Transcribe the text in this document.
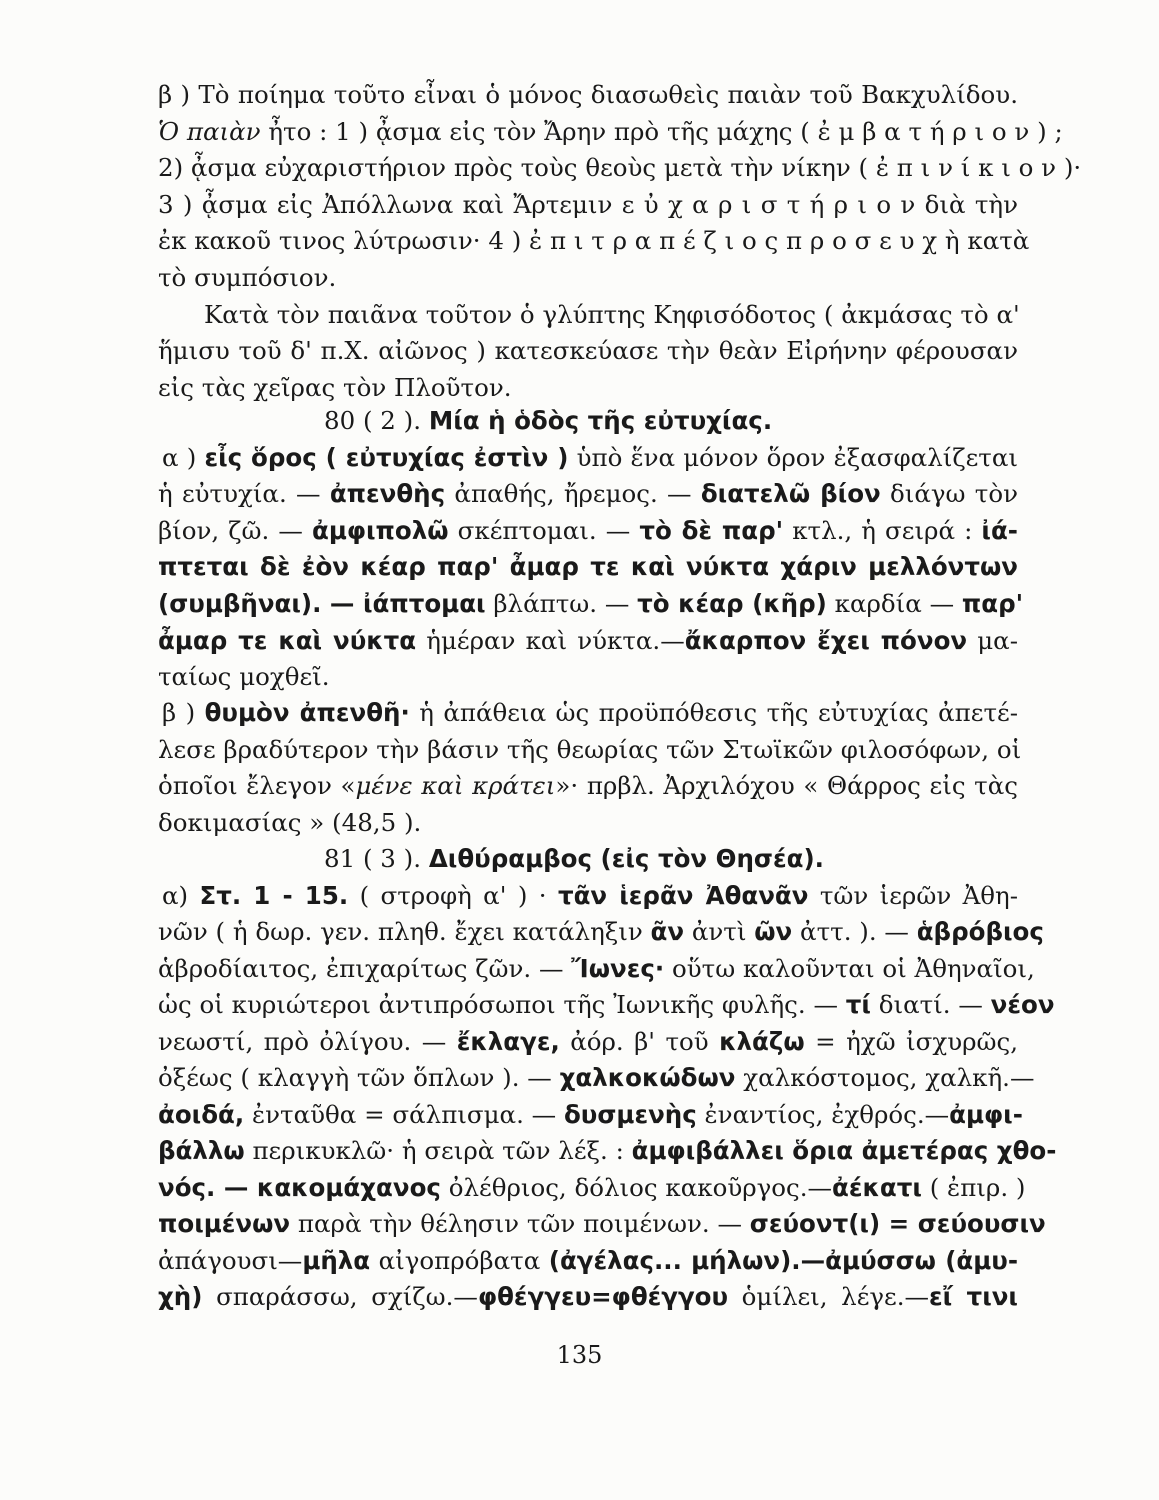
β ) Τὸ ποίημα τοῦτο εἶναι ὁ μόνος διασωθεὶς παιὰν τοῦ Βακχυλίδου.
Ὁ παιὰν ἦτο : 1 ) ᾆσμα εἰς τὸν Ἄρην πρὸ τῆς μάχης ( ἐ μ β α τ ή ρ ι ο ν ) ;
2) ᾆσμα εὐχαριστήριον πρὸς τοὺς θεοὺς μετὰ τὴν νίκην ( ἐ π ι ν ί κ ι ο ν )·
3 ) ᾆσμα εἰς Ἀπόλλωνα καὶ Ἄρτεμιν ε ὐ χ α ρ ι σ τ ή ρ ι ο ν διὰ τὴν
ἐκ κακοῦ τινος λύτρωσιν· 4 ) ἐ π ι τ ρ α π έ ζ ι ο ς π ρ ο σ ε υ χ ὴ κατὰ
τὸ συμπόσιον.
Κατὰ τὸν παιᾶνα τοῦτον ὁ γλύπτης Κηφισόδοτος ( ἀκμάσας τὸ α'
ἥμισυ τοῦ δ' π.Χ. αἰῶνος ) κατεσκεύασε τὴν θεὰν Εἰρήνην φέρουσαν
εἰς τὰς χεῖρας τὸν Πλοῦτον.
80 ( 2 ). Μία ἡ ὁδὸς τῆς εὐτυχίας.
α ) εἶς ὅρος ( εὐτυχίας ἐστὶν ) ὑπὸ ἕνα μόνον ὅρον ἐξασφαλίζεται
ἡ εὐτυχία. — ἀπενθὴς ἀπαθής, ἤρεμος. — διατελῶ βίον διάγω τὸν
βίον, ζῶ. — ἀμφιπολῶ σκέπτομαι. — τὸ δὲ παρ' κτλ., ἡ σειρά : ἰά-
πτεται δὲ ἐὸν κέαρ παρ' ἆμαρ τε καὶ νύκτα χάριν μελλόντων
(συμβῆναι). — ἰάπτομαι βλάπτω. — τὸ κέαρ (κῆρ) καρδία — παρ'
ἆμαρ τε καὶ νύκτα ἡμέραν καὶ νύκτα.—ἄκαρπον ἔχει πόνον μα-
ταίως μοχθεῖ.
β ) θυμὸν ἀπενθῆ· ἡ ἀπάθεια ὡς προϋπόθεσις τῆς εὐτυχίας ἀπετέ-
λεσε βραδύτερον τὴν βάσιν τῆς θεωρίας τῶν Στωϊκῶν φιλοσόφων, οἱ
ὁποῖοι ἔλεγον «μένε καὶ κράτει»· πρβλ. Ἀρχιλόχου « Θάρρος εἰς τὰς
δοκιμασίας » (48,5 ).
81 ( 3 ). Διθύραμβος (εἰς τὸν Θησέα).
α) Στ. 1 - 15. ( στροφὴ α' ) · τᾶν ἱερᾶν Ἀθανᾶν τῶν ἱερῶν Ἀθη-
νῶν ( ἡ δωρ. γεν. πληθ. ἔχει κατάληξιν ᾶν ἀντὶ ῶν ἀττ. ). — ἁβρόβιος
ἁβροδίαιτος, ἐπιχαρίτως ζῶν. — Ἴωνες· οὕτω καλοῦνται οἱ Ἀθηναῖοι,
ὡς οἱ κυριώτεροι ἀντιπρόσωποι τῆς Ἰωνικῆς φυλῆς. — τί διατί. — νέον
νεωστί, πρὸ ὀλίγου. — ἔκλαγε, ἀόρ. β' τοῦ κλάζω = ἠχῶ ἰσχυρῶς,
ὀξέως ( κλαγγὴ τῶν ὅπλων ). — χαλκοκώδων χαλκόστομος, χαλκῆ.—
ἀοιδά, ἐνταῦθα = σάλπισμα. — δυσμενὴς ἐναντίος, ἐχθρός.—ἀμφι-
βάλλω περικυκλῶ· ἡ σειρὰ τῶν λέξ. : ἀμφιβάλλει ὅρια ἀμετέρας χθο-
νός. — κακομάχανος ὀλέθριος, δόλιος κακοῦργος.—ἀέκατι ( ἐπιρ. )
ποιμένων παρὰ τὴν θέλησιν τῶν ποιμένων. — σεύοντ(ι) = σεύουσιν
ἀπάγουσι—μῆλα αἰγοπρόβατα (ἀγέλας... μήλων).—ἀμύσσω (ἀμυ-
χὴ) σπαράσσω, σχίζω.—φθέγγευ=φθέγγου ὁμίλει, λέγε.—εἴ τινι
135
